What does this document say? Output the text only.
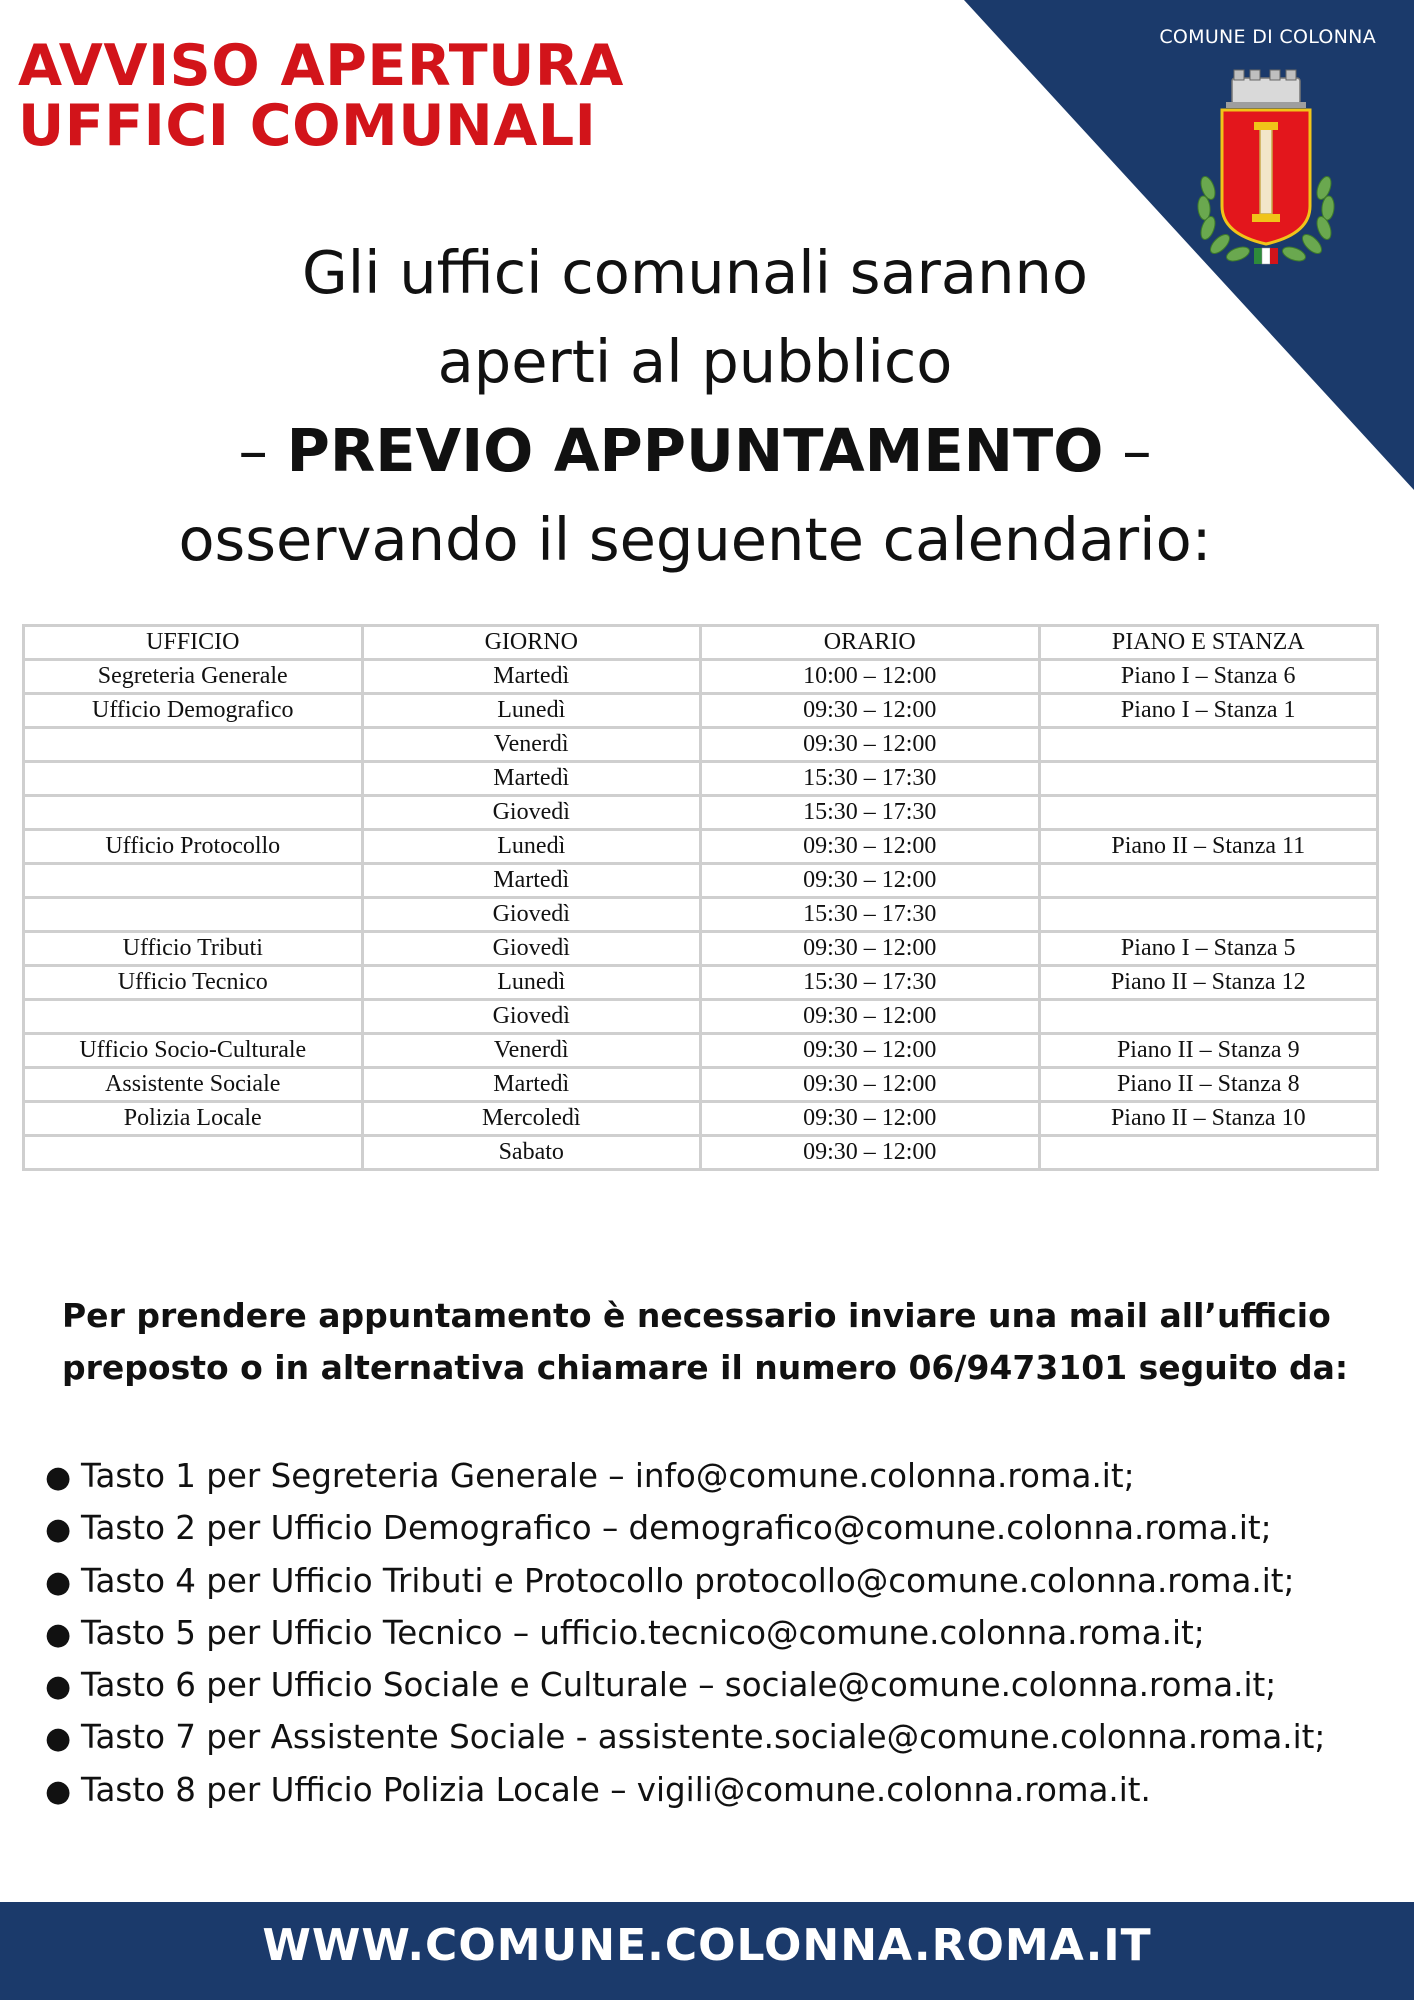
COMUNE DI COLONNA
AVVISO APERTURA
UFFICI COMUNALI
Gli uffici comunali saranno
aperti al pubblico
– PREVIO APPUNTAMENTO –
osservando il seguente calendario:
UFFICIO	GIORNO	ORARIO	PIANO E STANZA
Segreteria Generale	Martedì	10:00 – 12:00	Piano I – Stanza 6
Ufficio Demografico	Lunedì	09:30 – 12:00	Piano I – Stanza 1
	Venerdì	09:30 – 12:00	
	Martedì	15:30 – 17:30	
	Giovedì	15:30 – 17:30	
Ufficio Protocollo	Lunedì	09:30 – 12:00	Piano II – Stanza 11
	Martedì	09:30 – 12:00	
	Giovedì	15:30 – 17:30	
Ufficio Tributi	Giovedì	09:30 – 12:00	Piano I – Stanza 5
Ufficio Tecnico	Lunedì	15:30 – 17:30	Piano II – Stanza 12
	Giovedì	09:30 – 12:00	
Ufficio Socio-Culturale	Venerdì	09:30 – 12:00	Piano II – Stanza 9
Assistente Sociale	Martedì	09:30 – 12:00	Piano II – Stanza 8
Polizia Locale	Mercoledì	09:30 – 12:00	Piano II – Stanza 10
	Sabato	09:30 – 12:00	
Per prendere appuntamento è necessario inviare una mail all’ufficio
preposto o in alternativa chiamare il numero 06/9473101 seguito da:
● Tasto 1 per Segreteria Generale – info@comune.colonna.roma.it;
● Tasto 2 per Ufficio Demografico – demografico@comune.colonna.roma.it;
● Tasto 4 per Ufficio Tributi e Protocollo protocollo@comune.colonna.roma.it;
● Tasto 5 per Ufficio Tecnico – ufficio.tecnico@comune.colonna.roma.it;
● Tasto 6 per Ufficio Sociale e Culturale – sociale@comune.colonna.roma.it;
● Tasto 7 per Assistente Sociale - assistente.sociale@comune.colonna.roma.it;
● Tasto 8 per Ufficio Polizia Locale – vigili@comune.colonna.roma.it.
WWW.COMUNE.COLONNA.ROMA.IT
